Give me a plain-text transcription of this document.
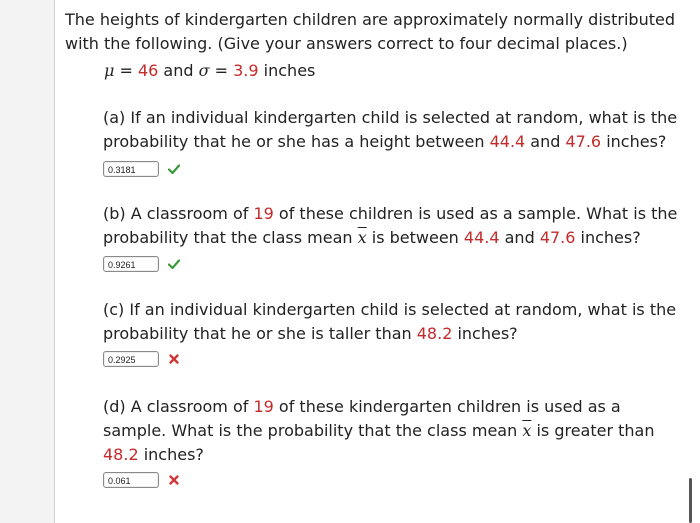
The heights of kindergarten children are approximately normally distributed with the following. (Give your answers correct to four decimal places.)
μ = 46 and σ = 3.9 inches
(a) If an individual kindergarten child is selected at random, what is the probability that he or she has a height between 44.4 and 47.6 inches?
0.3181
(b) A classroom of 19 of these children is used as a sample. What is the probability that the class mean $\overline{x}$ is between 44.4 and 47.6 inches?
0.9261
(c) If an individual kindergarten child is selected at random, what is the probability that he or she is taller than 48.2 inches?
0.2925
(d) A classroom of 19 of these kindergarten children is used as a sample. What is the probability that the class mean $\overline{x}$ is greater than 48.2 inches?
0.061
